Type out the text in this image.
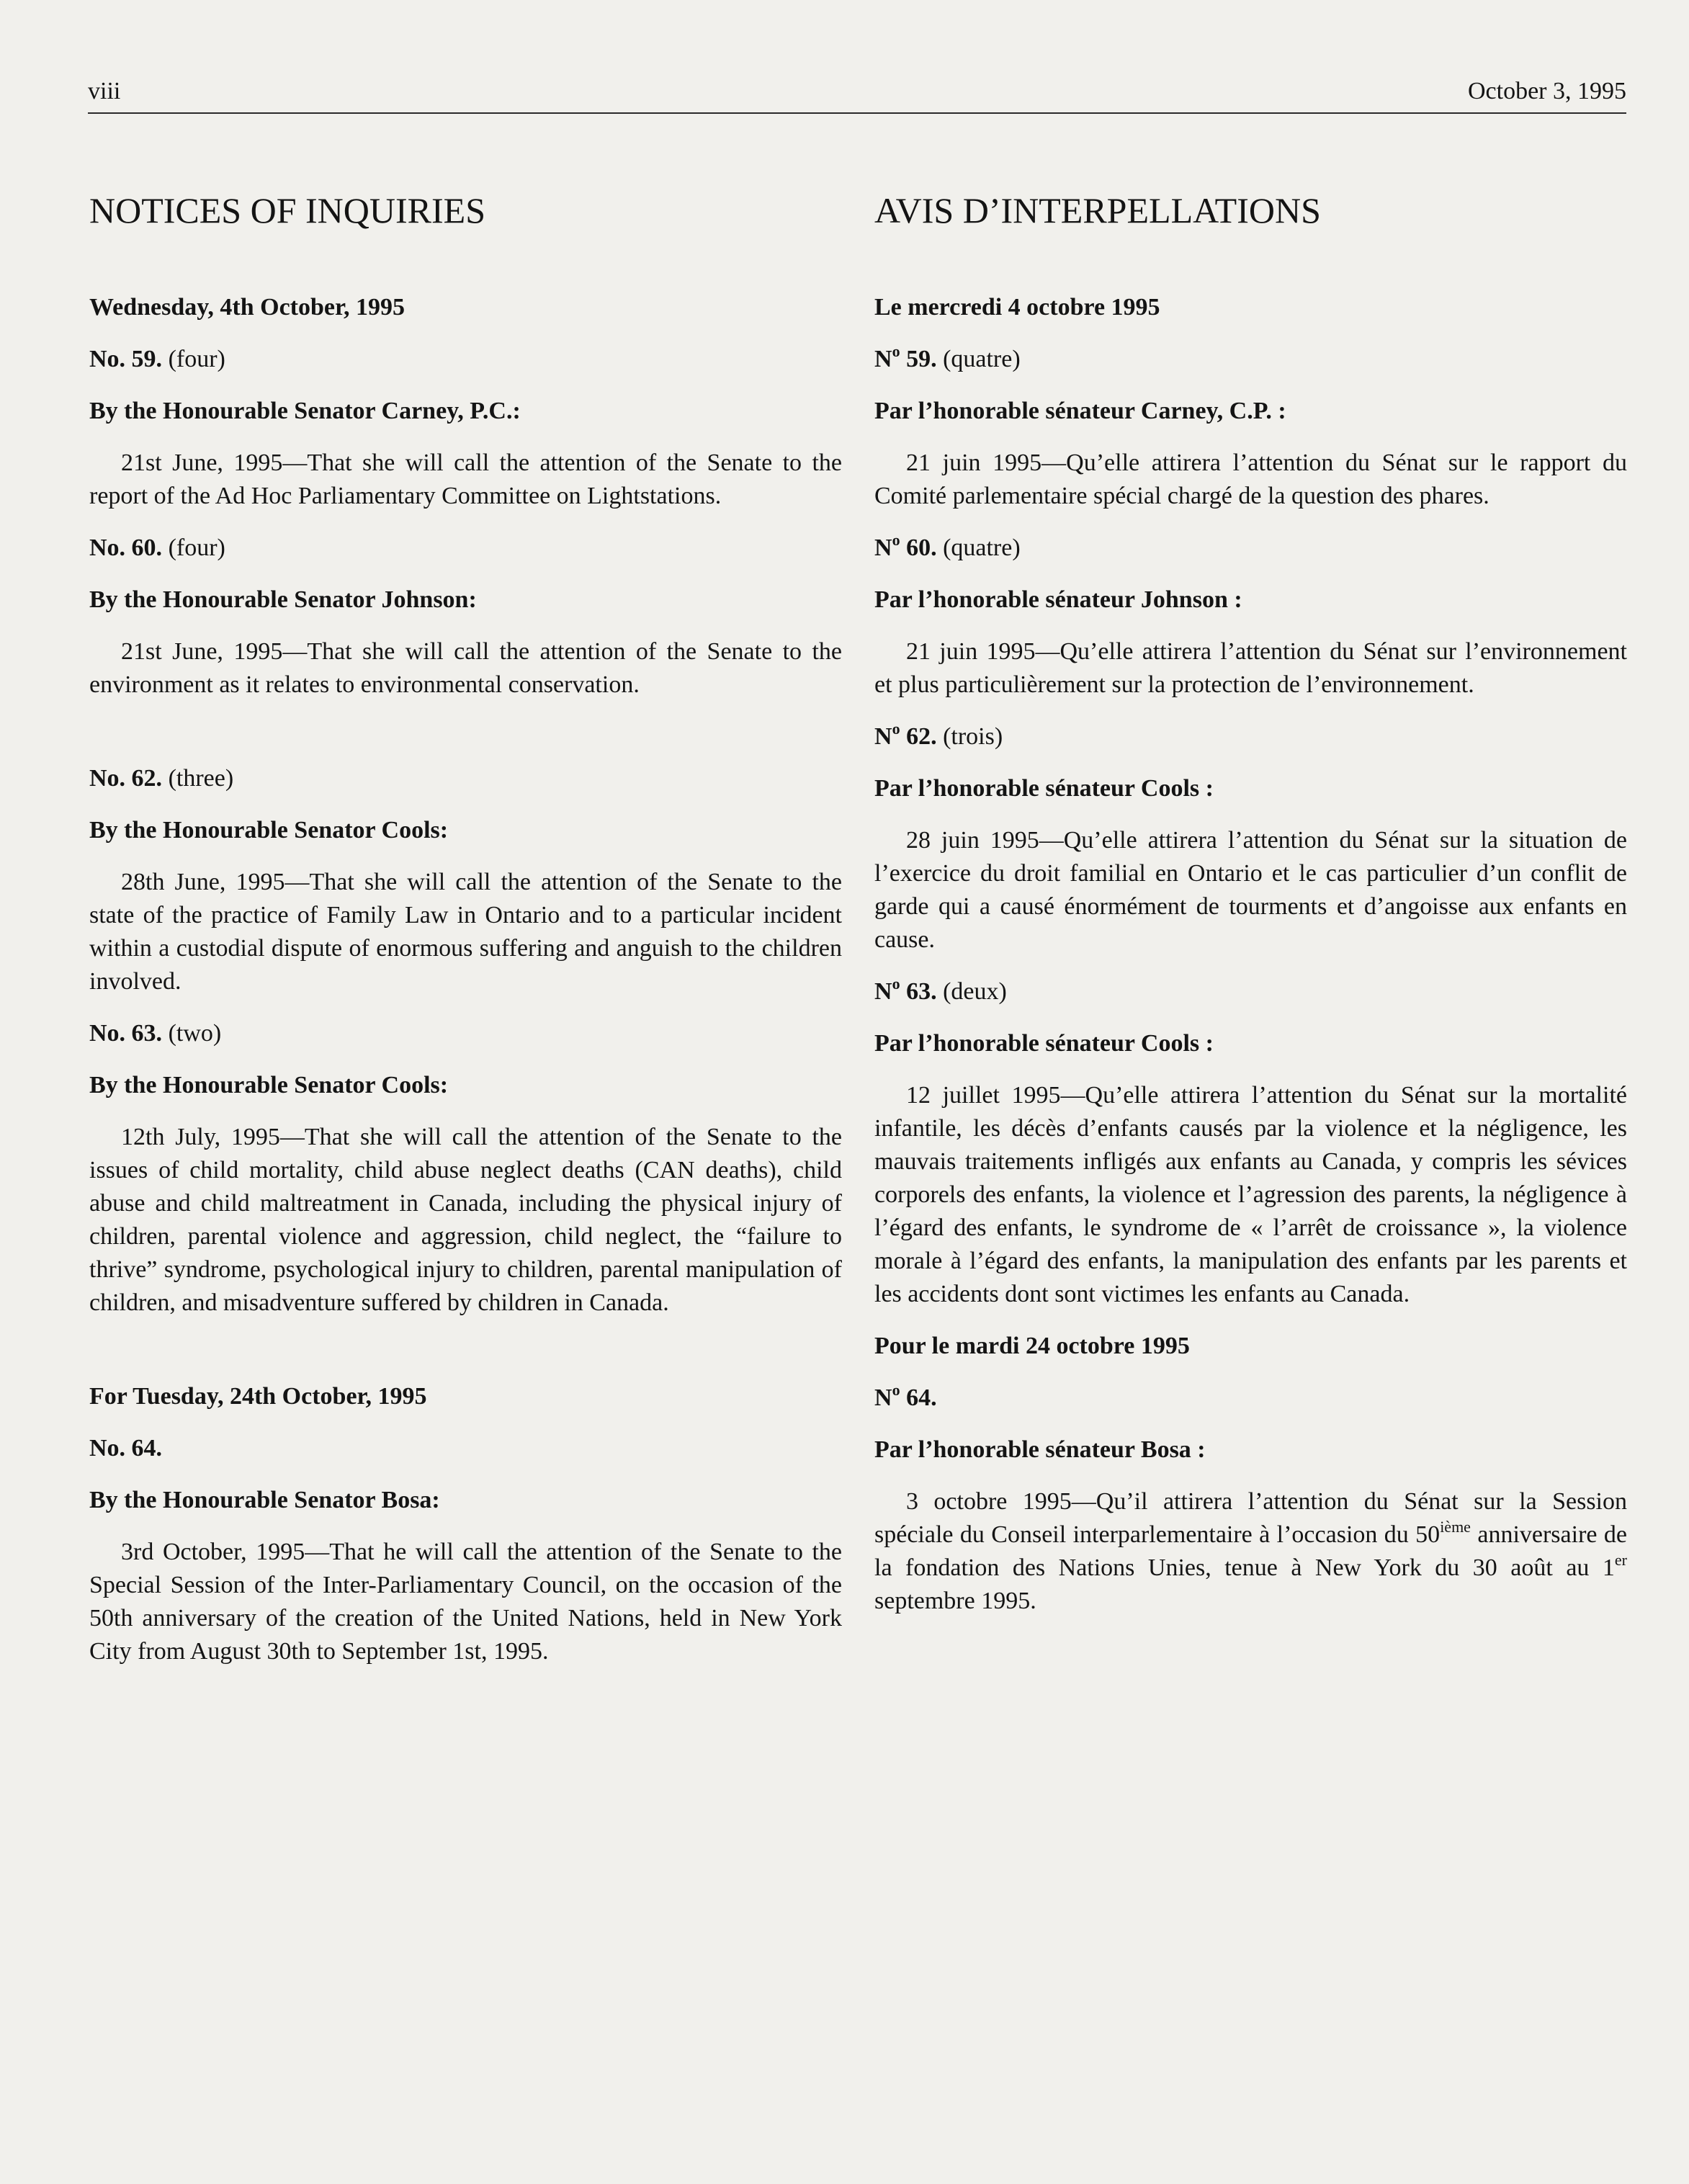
viii	October 3, 1995
NOTICES OF INQUIRIES

Wednesday, 4th October, 1995

No. 59. (four)

By the Honourable Senator Carney, P.C.:

21st June, 1995—That she will call the attention of the Senate to the report of the Ad Hoc Parliamentary Committee on Lightstations.

No. 60. (four)

By the Honourable Senator Johnson:

21st June, 1995—That she will call the attention of the Senate to the environment as it relates to environmental conservation.

No. 62. (three)

By the Honourable Senator Cools:

28th June, 1995—That she will call the attention of the Senate to the state of the practice of Family Law in Ontario and to a particular incident within a custodial dispute of enormous suffering and anguish to the children involved.

No. 63. (two)

By the Honourable Senator Cools:

12th July, 1995—That she will call the attention of the Senate to the issues of child mortality, child abuse neglect deaths (CAN deaths), child abuse and child maltreatment in Canada, including the physical injury of children, parental violence and aggression, child neglect, the “failure to thrive” syndrome, psychological injury to children, parental manipulation of children, and misadventure suffered by children in Canada.

For Tuesday, 24th October, 1995

No. 64.

By the Honourable Senator Bosa:

3rd October, 1995—That he will call the attention of the Senate to the Special Session of the Inter-Parliamentary Council, on the occasion of the 50th anniversary of the creation of the United Nations, held in New York City from August 30th to September 1st, 1995.

AVIS D’INTERPELLATIONS

Le mercredi 4 octobre 1995

$N^o$ 59. (quatre)

Par l’honorable sénateur Carney, C.P. :

21 juin 1995—Qu’elle attirera l’attention du Sénat sur le rapport du Comité parlementaire spécial chargé de la question des phares.

$N^o$ 60. (quatre)

Par l’honorable sénateur Johnson :

21 juin 1995—Qu’elle attirera l’attention du Sénat sur l’environnement et plus particulièrement sur la protection de l’environnement.

$N^o$ 62. (trois)

Par l’honorable sénateur Cools :

28 juin 1995—Qu’elle attirera l’attention du Sénat sur la situation de l’exercice du droit familial en Ontario et le cas particulier d’un conflit de garde qui a causé énormément de tourments et d’angoisse aux enfants en cause.

$N^o$ 63. (deux)

Par l’honorable sénateur Cools :

12 juillet 1995—Qu’elle attirera l’attention du Sénat sur la mortalité infantile, les décès d’enfants causés par la violence et la négligence, les mauvais traitements infligés aux enfants au Canada, y compris les sévices corporels des enfants, la violence et l’agression des parents, la négligence à l’égard des enfants, le syndrome de « l’arrêt de croissance », la violence morale à l’égard des enfants, la manipulation des enfants par les parents et les accidents dont sont victimes les enfants au Canada.

Pour le mardi 24 octobre 1995

$N^o$ 64.

Par l’honorable sénateur Bosa :

3 octobre 1995—Qu’il attirera l’attention du Sénat sur la Session spéciale du Conseil interparlementaire à l’occasion du 50ième anniversaire de la fondation des Nations Unies, tenue à New York du 30 août au 1er septembre 1995.
